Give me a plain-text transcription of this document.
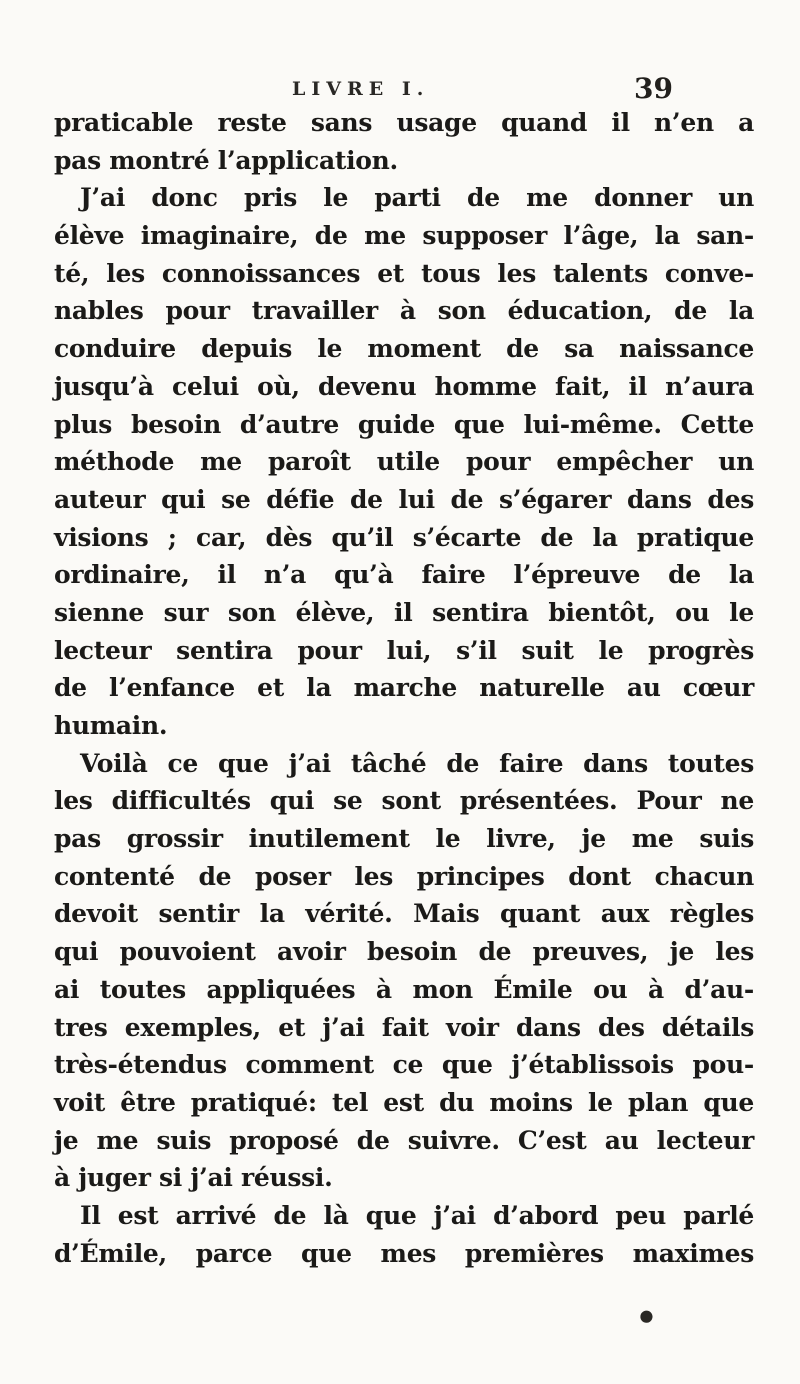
LIVRE I.	39
praticable reste sans usage quand il n’en a
pas montré l’application.
J’ai donc pris le parti de me donner un
élève imaginaire, de me supposer l’âge, la san-
té, les connoissances et tous les talents conve-
nables pour travailler à son éducation, de la
conduire depuis le moment de sa naissance
jusqu’à celui où, devenu homme fait, il n’aura
plus besoin d’autre guide que lui-même. Cette
méthode me paroît utile pour empêcher un
auteur qui se défie de lui de s’égarer dans des
visions ; car, dès qu’il s’écarte de la pratique
ordinaire, il n’a qu’à faire l’épreuve de la
sienne sur son élève, il sentira bientôt, ou le
lecteur sentira pour lui, s’il suit le progrès
de l’enfance et la marche naturelle au cœur
humain.
Voilà ce que j’ai tâché de faire dans toutes
les difficultés qui se sont présentées. Pour ne
pas grossir inutilement le livre, je me suis
contenté de poser les principes dont chacun
devoit sentir la vérité. Mais quant aux règles
qui pouvoient avoir besoin de preuves, je les
ai toutes appliquées à mon Émile ou à d’au-
tres exemples, et j’ai fait voir dans des détails
très-étendus comment ce que j’établissois pou-
voit être pratiqué: tel est du moins le plan que
je me suis proposé de suivre. C’est au lecteur
à juger si j’ai réussi.
Il est arrivé de là que j’ai d’abord peu parlé
d’Émile, parce que mes premières maximes
●
